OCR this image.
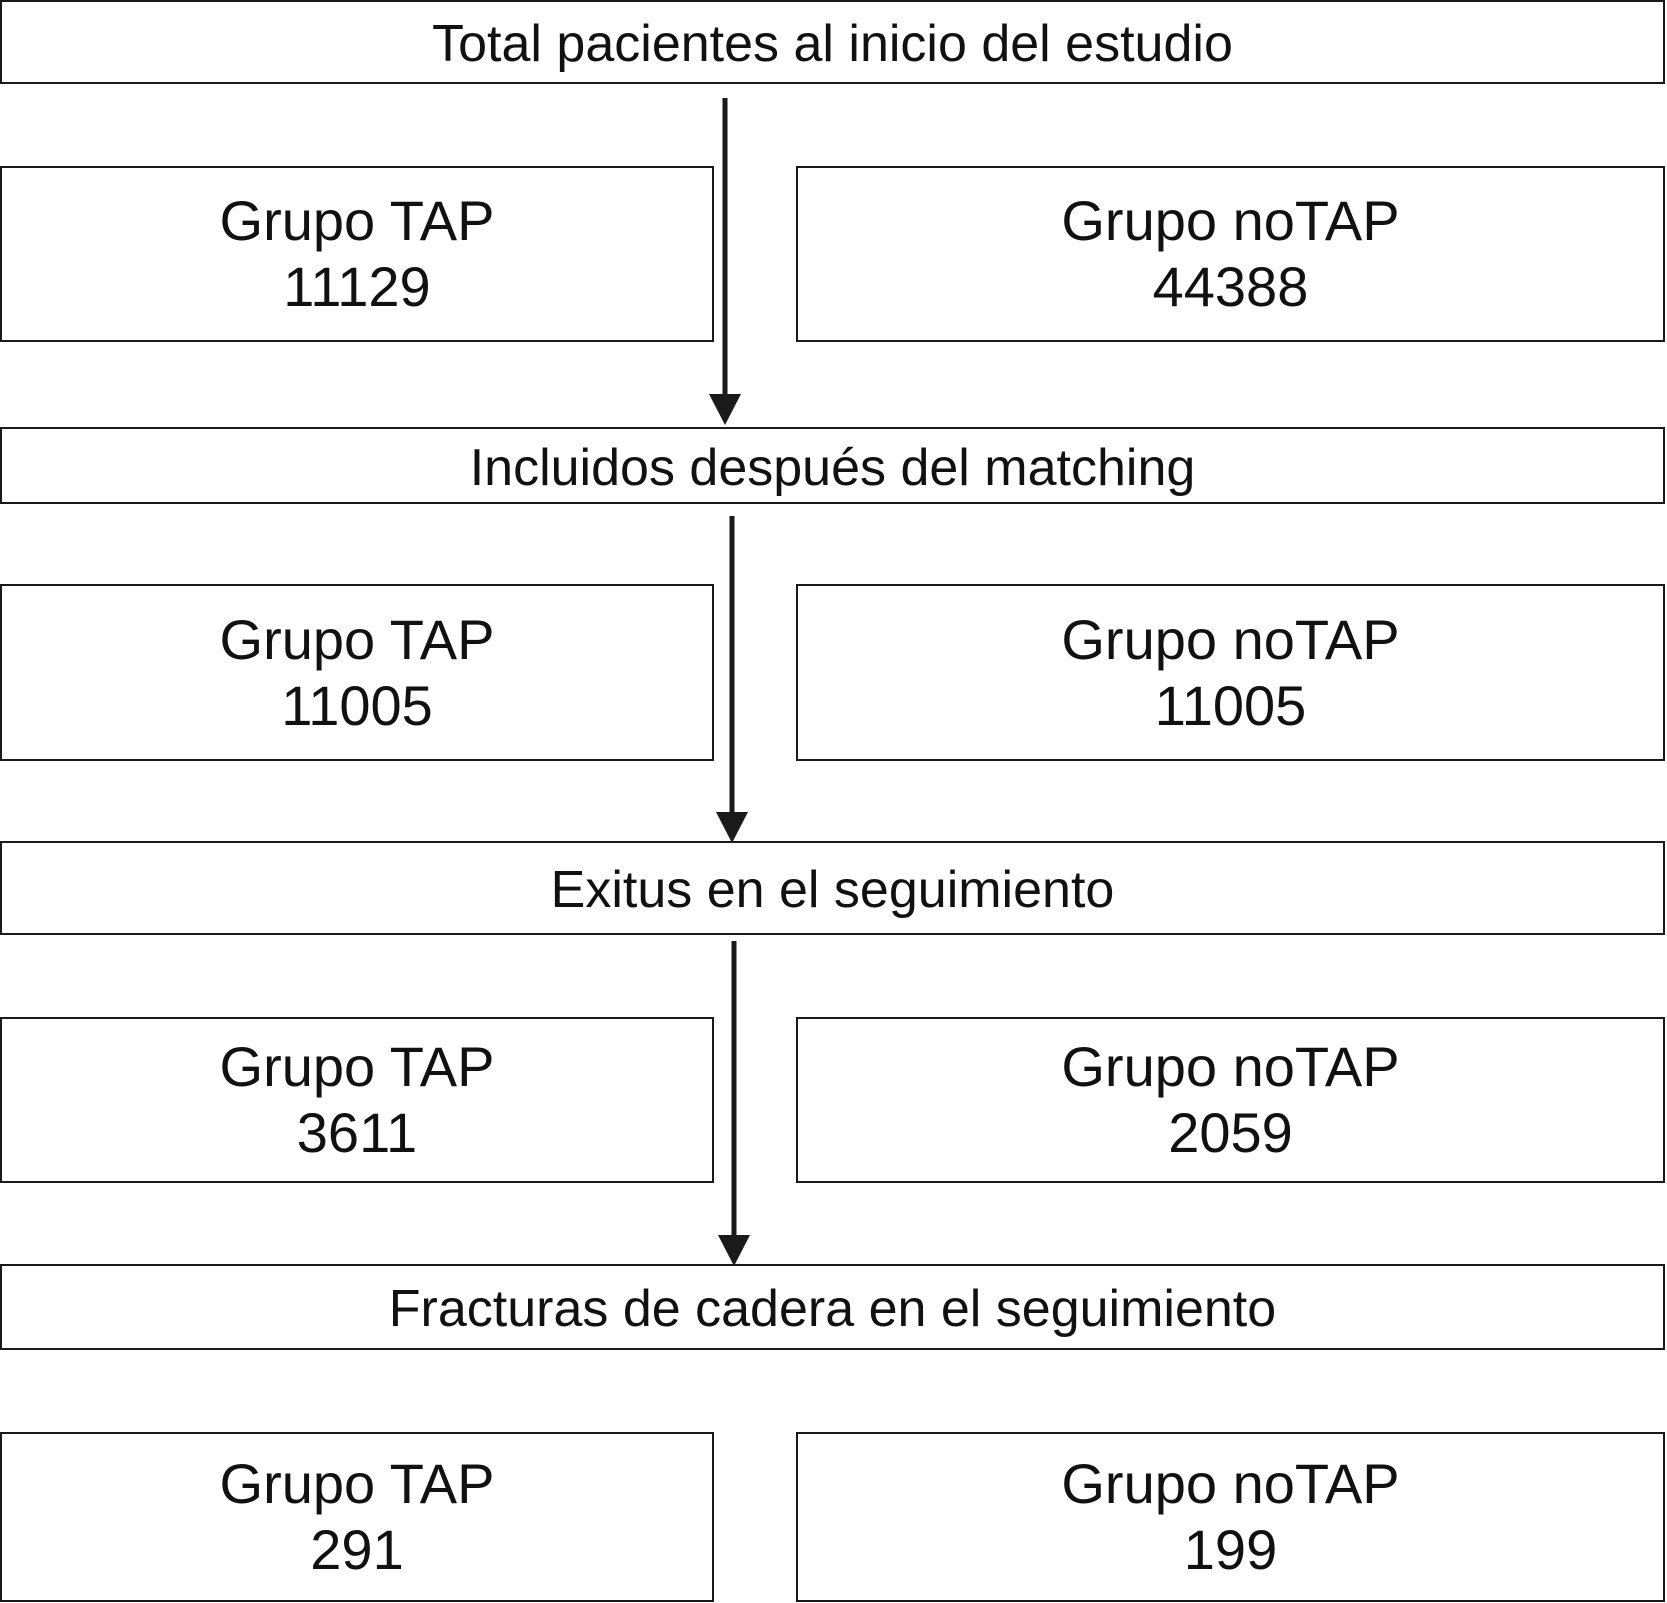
Total pacientes al inicio del estudio
Grupo TAP
11129
Grupo noTAP
44388
Incluidos después del matching
Grupo TAP
11005
Grupo noTAP
11005
Exitus en el seguimiento
Grupo TAP
3611
Grupo noTAP
2059
Fracturas de cadera en el seguimiento
Grupo TAP
291
Grupo noTAP
199
